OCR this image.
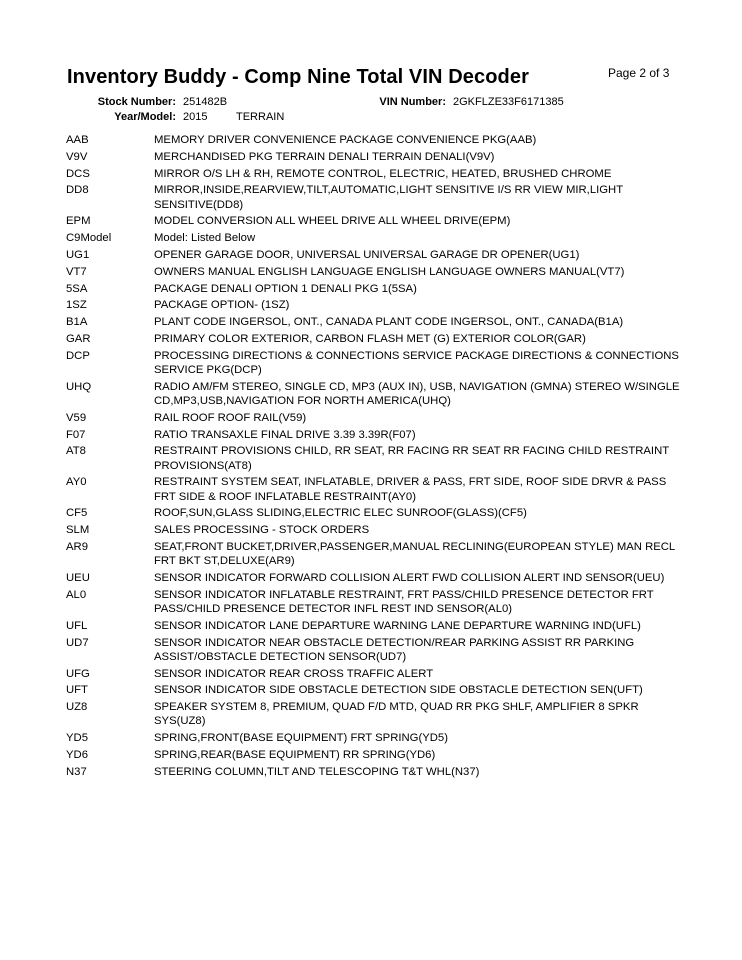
Inventory Buddy - Comp Nine Total VIN Decoder	Page 2 of 3
Stock Number: 251482B	VIN Number: 2GKFLZE33F6171385
Year/Model: 2015	TERRAIN
AAB	MEMORY DRIVER CONVENIENCE PACKAGE CONVENIENCE PKG(AAB)
V9V	MERCHANDISED PKG TERRAIN DENALI TERRAIN DENALI(V9V)
DCS	MIRROR O/S LH & RH, REMOTE CONTROL, ELECTRIC, HEATED, BRUSHED CHROME
DD8	MIRROR,INSIDE,REARVIEW,TILT,AUTOMATIC,LIGHT SENSITIVE I/S RR VIEW MIR,LIGHT SENSITIVE(DD8)
EPM	MODEL CONVERSION ALL WHEEL DRIVE ALL WHEEL DRIVE(EPM)
C9Model	Model: Listed Below
UG1	OPENER GARAGE DOOR, UNIVERSAL UNIVERSAL GARAGE DR OPENER(UG1)
VT7	OWNERS MANUAL ENGLISH LANGUAGE ENGLISH LANGUAGE OWNERS MANUAL(VT7)
5SA	PACKAGE DENALI OPTION 1 DENALI PKG 1(5SA)
1SZ	PACKAGE OPTION- (1SZ)
B1A	PLANT CODE INGERSOL, ONT., CANADA PLANT CODE INGERSOL, ONT., CANADA(B1A)
GAR	PRIMARY COLOR EXTERIOR, CARBON FLASH MET (G) EXTERIOR COLOR(GAR)
DCP	PROCESSING DIRECTIONS & CONNECTIONS SERVICE PACKAGE DIRECTIONS & CONNECTIONS SERVICE PKG(DCP)
UHQ	RADIO AM/FM STEREO, SINGLE CD, MP3 (AUX IN), USB, NAVIGATION (GMNA) STEREO W/SINGLE CD,MP3,USB,NAVIGATION FOR NORTH AMERICA(UHQ)
V59	RAIL ROOF ROOF RAIL(V59)
F07	RATIO TRANSAXLE FINAL DRIVE 3.39 3.39R(F07)
AT8	RESTRAINT PROVISIONS CHILD, RR SEAT, RR FACING RR SEAT RR FACING CHILD RESTRAINT PROVISIONS(AT8)
AY0	RESTRAINT SYSTEM SEAT, INFLATABLE, DRIVER & PASS, FRT SIDE, ROOF SIDE DRVR & PASS FRT SIDE & ROOF INFLATABLE RESTRAINT(AY0)
CF5	ROOF,SUN,GLASS SLIDING,ELECTRIC ELEC SUNROOF(GLASS)(CF5)
SLM	SALES PROCESSING - STOCK ORDERS
AR9	SEAT,FRONT BUCKET,DRIVER,PASSENGER,MANUAL RECLINING(EUROPEAN STYLE) MAN RECL FRT BKT ST,DELUXE(AR9)
UEU	SENSOR INDICATOR FORWARD COLLISION ALERT FWD COLLISION ALERT IND SENSOR(UEU)
AL0	SENSOR INDICATOR INFLATABLE RESTRAINT, FRT PASS/CHILD PRESENCE DETECTOR FRT PASS/CHILD PRESENCE DETECTOR INFL REST IND SENSOR(AL0)
UFL	SENSOR INDICATOR LANE DEPARTURE WARNING LANE DEPARTURE WARNING IND(UFL)
UD7	SENSOR INDICATOR NEAR OBSTACLE DETECTION/REAR PARKING ASSIST RR PARKING ASSIST/OBSTACLE DETECTION SENSOR(UD7)
UFG	SENSOR INDICATOR REAR CROSS TRAFFIC ALERT
UFT	SENSOR INDICATOR SIDE OBSTACLE DETECTION SIDE OBSTACLE DETECTION SEN(UFT)
UZ8	SPEAKER SYSTEM 8, PREMIUM, QUAD F/D MTD, QUAD RR PKG SHLF, AMPLIFIER 8 SPKR SYS(UZ8)
YD5	SPRING,FRONT(BASE EQUIPMENT) FRT SPRING(YD5)
YD6	SPRING,REAR(BASE EQUIPMENT) RR SPRING(YD6)
N37	STEERING COLUMN,TILT AND TELESCOPING T&T WHL(N37)
